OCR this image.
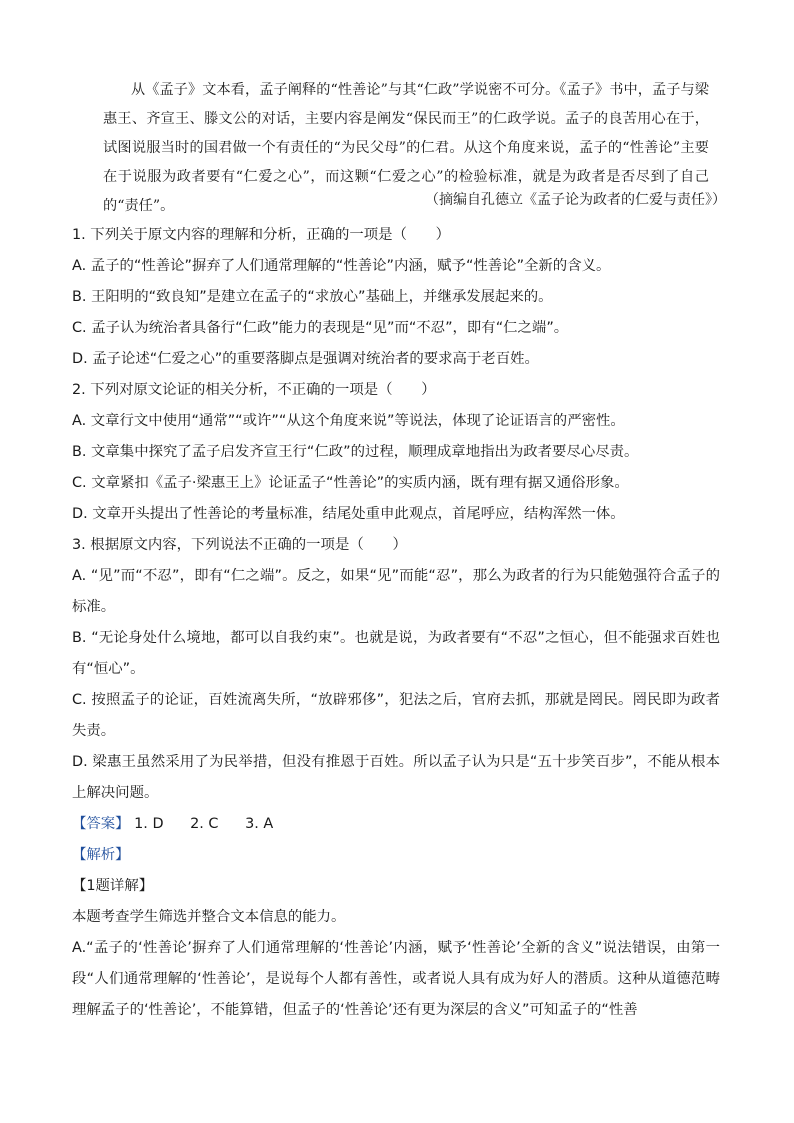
从《孟子》文本看，孟子阐释的“性善论”与其“仁政”学说密不可分。《孟子》书中，孟子与梁惠王、齐宣王、滕文公的对话，主要内容是阐发“保民而王”的仁政学说。孟子的良苦用心在于，试图说服当时的国君做一个有责任的“为民父母”的仁君。从这个角度来说，孟子的“性善论”主要在于说服为政者要有“仁爱之心”，而这颗“仁爱之心”的检验标准，就是为政者是否尽到了自己的“责任”。	（摘编自孔德立《孟子论为政者的仁爱与责任》）

1. 下列关于原文内容的理解和分析，正确的一项是（　　）

A. 孟子的“性善论”摒弃了人们通常理解的“性善论”内涵，赋予“性善论”全新的含义。

B. 王阳明的“致良知”是建立在孟子的“求放心”基础上，并继承发展起来的。

C. 孟子认为统治者具备行“仁政”能力的表现是“见”而“不忍”，即有“仁之端”。

D. 孟子论述“仁爱之心”的重要落脚点是强调对统治者的要求高于老百姓。

2. 下列对原文论证的相关分析，不正确的一项是（　　）

A. 文章行文中使用“通常”“或许”“从这个角度来说”等说法，体现了论证语言的严密性。

B. 文章集中探究了孟子启发齐宣王行“仁政”的过程，顺理成章地指出为政者要尽心尽责。

C. 文章紧扣《孟子·梁惠王上》论证孟子“性善论”的实质内涵，既有理有据又通俗形象。

D. 文章开头提出了性善论的考量标准，结尾处重申此观点，首尾呼应，结构浑然一体。

3. 根据原文内容，下列说法不正确的一项是（　　）

A. “见”而“不忍”，即有“仁之端”。反之，如果“见”而能“忍”，那么为政者的行为只能勉强符合孟子的标准。

B. “无论身处什么境地，都可以自我约束”。也就是说，为政者要有“不忍”之恒心，但不能强求百姓也有“恒心”。

C. 按照孟子的论证，百姓流离失所，“放辟邪侈”，犯法之后，官府去抓，那就是罔民。罔民即为政者失责。

D. 梁惠王虽然采用了为民举措，但没有推恩于百姓。所以孟子认为只是“五十步笑百步”，不能从根本上解决问题。

【答案】 1. D 2. C 3. A

【解析】

【1题详解】

本题考查学生筛选并整合文本信息的能力。

A.“孟子的‘性善论’摒弃了人们通常理解的‘性善论’内涵，赋予‘性善论’全新的含义”说法错误，由第一段“人们通常理解的‘性善论’，是说每个人都有善性，或者说人具有成为好人的潜质。这种从道德范畴理解孟子的‘性善论’，不能算错，但孟子的‘性善论’还有更为深层的含义”可知孟子的“性善
